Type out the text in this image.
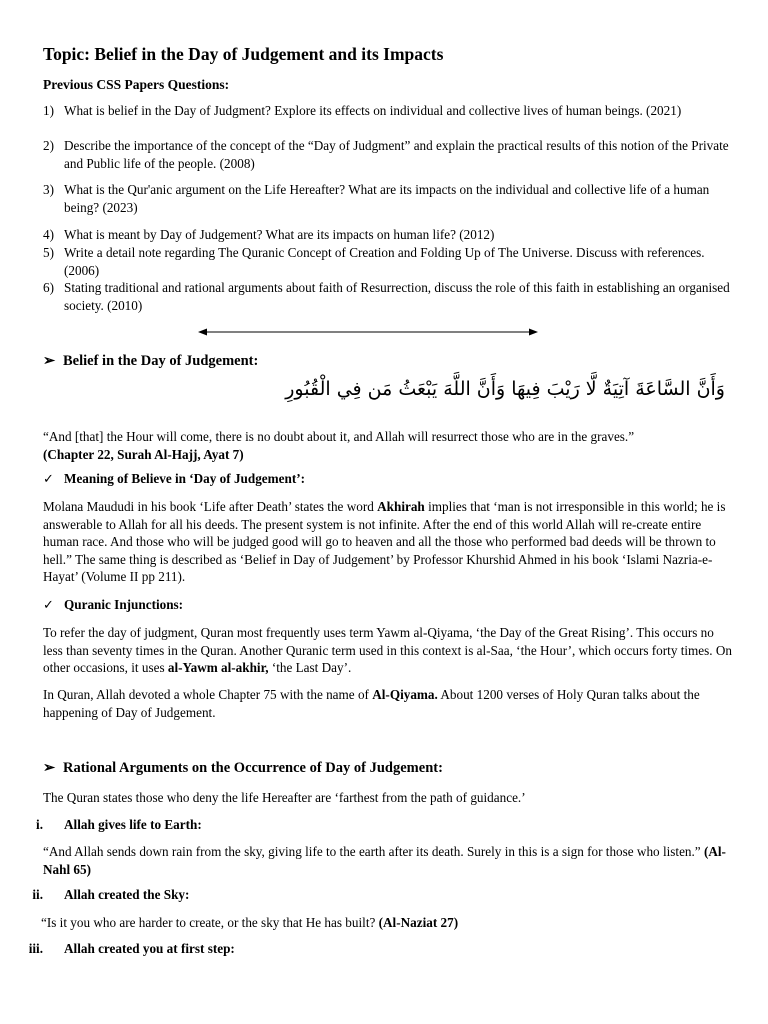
Topic: Belief in the Day of Judgement and its Impacts
Previous CSS Papers Questions:
1) What is belief in the Day of Judgment? Explore its effects on individual and collective lives of human beings. (2021)
2) Describe the importance of the concept of the “Day of Judgment” and explain the practical results of this notion of the Private and Public life of the people. (2008)
3) What is the Qur'anic argument on the Life Hereafter? What are its impacts on the individual and collective life of a human being? (2023)
4) What is meant by Day of Judgement? What are its impacts on human life? (2012)
5) Write a detail note regarding The Quranic Concept of Creation and Folding Up of The Universe. Discuss with references. (2006)
6) Stating traditional and rational arguments about faith of Resurrection, discuss the role of this faith in establishing an organised society. (2010)
➢ Belief in the Day of Judgement:
وَأَنَّ السَّاعَةَ آتِيَةٌ لَّا رَيْبَ فِيهَا وَأَنَّ اللَّهَ يَبْعَثُ مَن فِي الْقُبُورِ
“And [that] the Hour will come, there is no doubt about it, and Allah will resurrect those who are in the graves.”
(Chapter 22, Surah Al-Hajj, Ayat 7)
✓ Meaning of Believe in ‘Day of Judgement’:
Molana Maududi in his book ‘Life after Death’ states the word Akhirah implies that ‘man is not irresponsible in this world; he is answerable to Allah for all his deeds. The present system is not infinite. After the end of this world Allah will re-create entire human race. And those who will be judged good will go to heaven and all the those who performed bad deeds will be thrown to hell.” The same thing is described as ‘Belief in Day of Judgement’ by Professor Khurshid Ahmed in his book ‘Islami Nazria-e-Hayat’ (Volume II pp 211).
✓ Quranic Injunctions:
To refer the day of judgment, Quran most frequently uses term Yawm al-Qiyama, ‘the Day of the Great Rising’. This occurs no less than seventy times in the Quran. Another Quranic term used in this context is al-Saa, ‘the Hour’, which occurs forty times. On other occasions, it uses al-Yawm al-akhir, ‘the Last Day’.
In Quran, Allah devoted a whole Chapter 75 with the name of Al-Qiyama. About 1200 verses of Holy Quran talks about the happening of Day of Judgement.
➢ Rational Arguments on the Occurrence of Day of Judgement:
The Quran states those who deny the life Hereafter are ‘farthest from the path of guidance.’
i. Allah gives life to Earth:
“And Allah sends down rain from the sky, giving life to the earth after its death. Surely in this is a sign for those who listen.” (Al-Nahl 65)
ii. Allah created the Sky:
“Is it you who are harder to create, or the sky that He has built? (Al-Naziat 27)
iii. Allah created you at first step:
